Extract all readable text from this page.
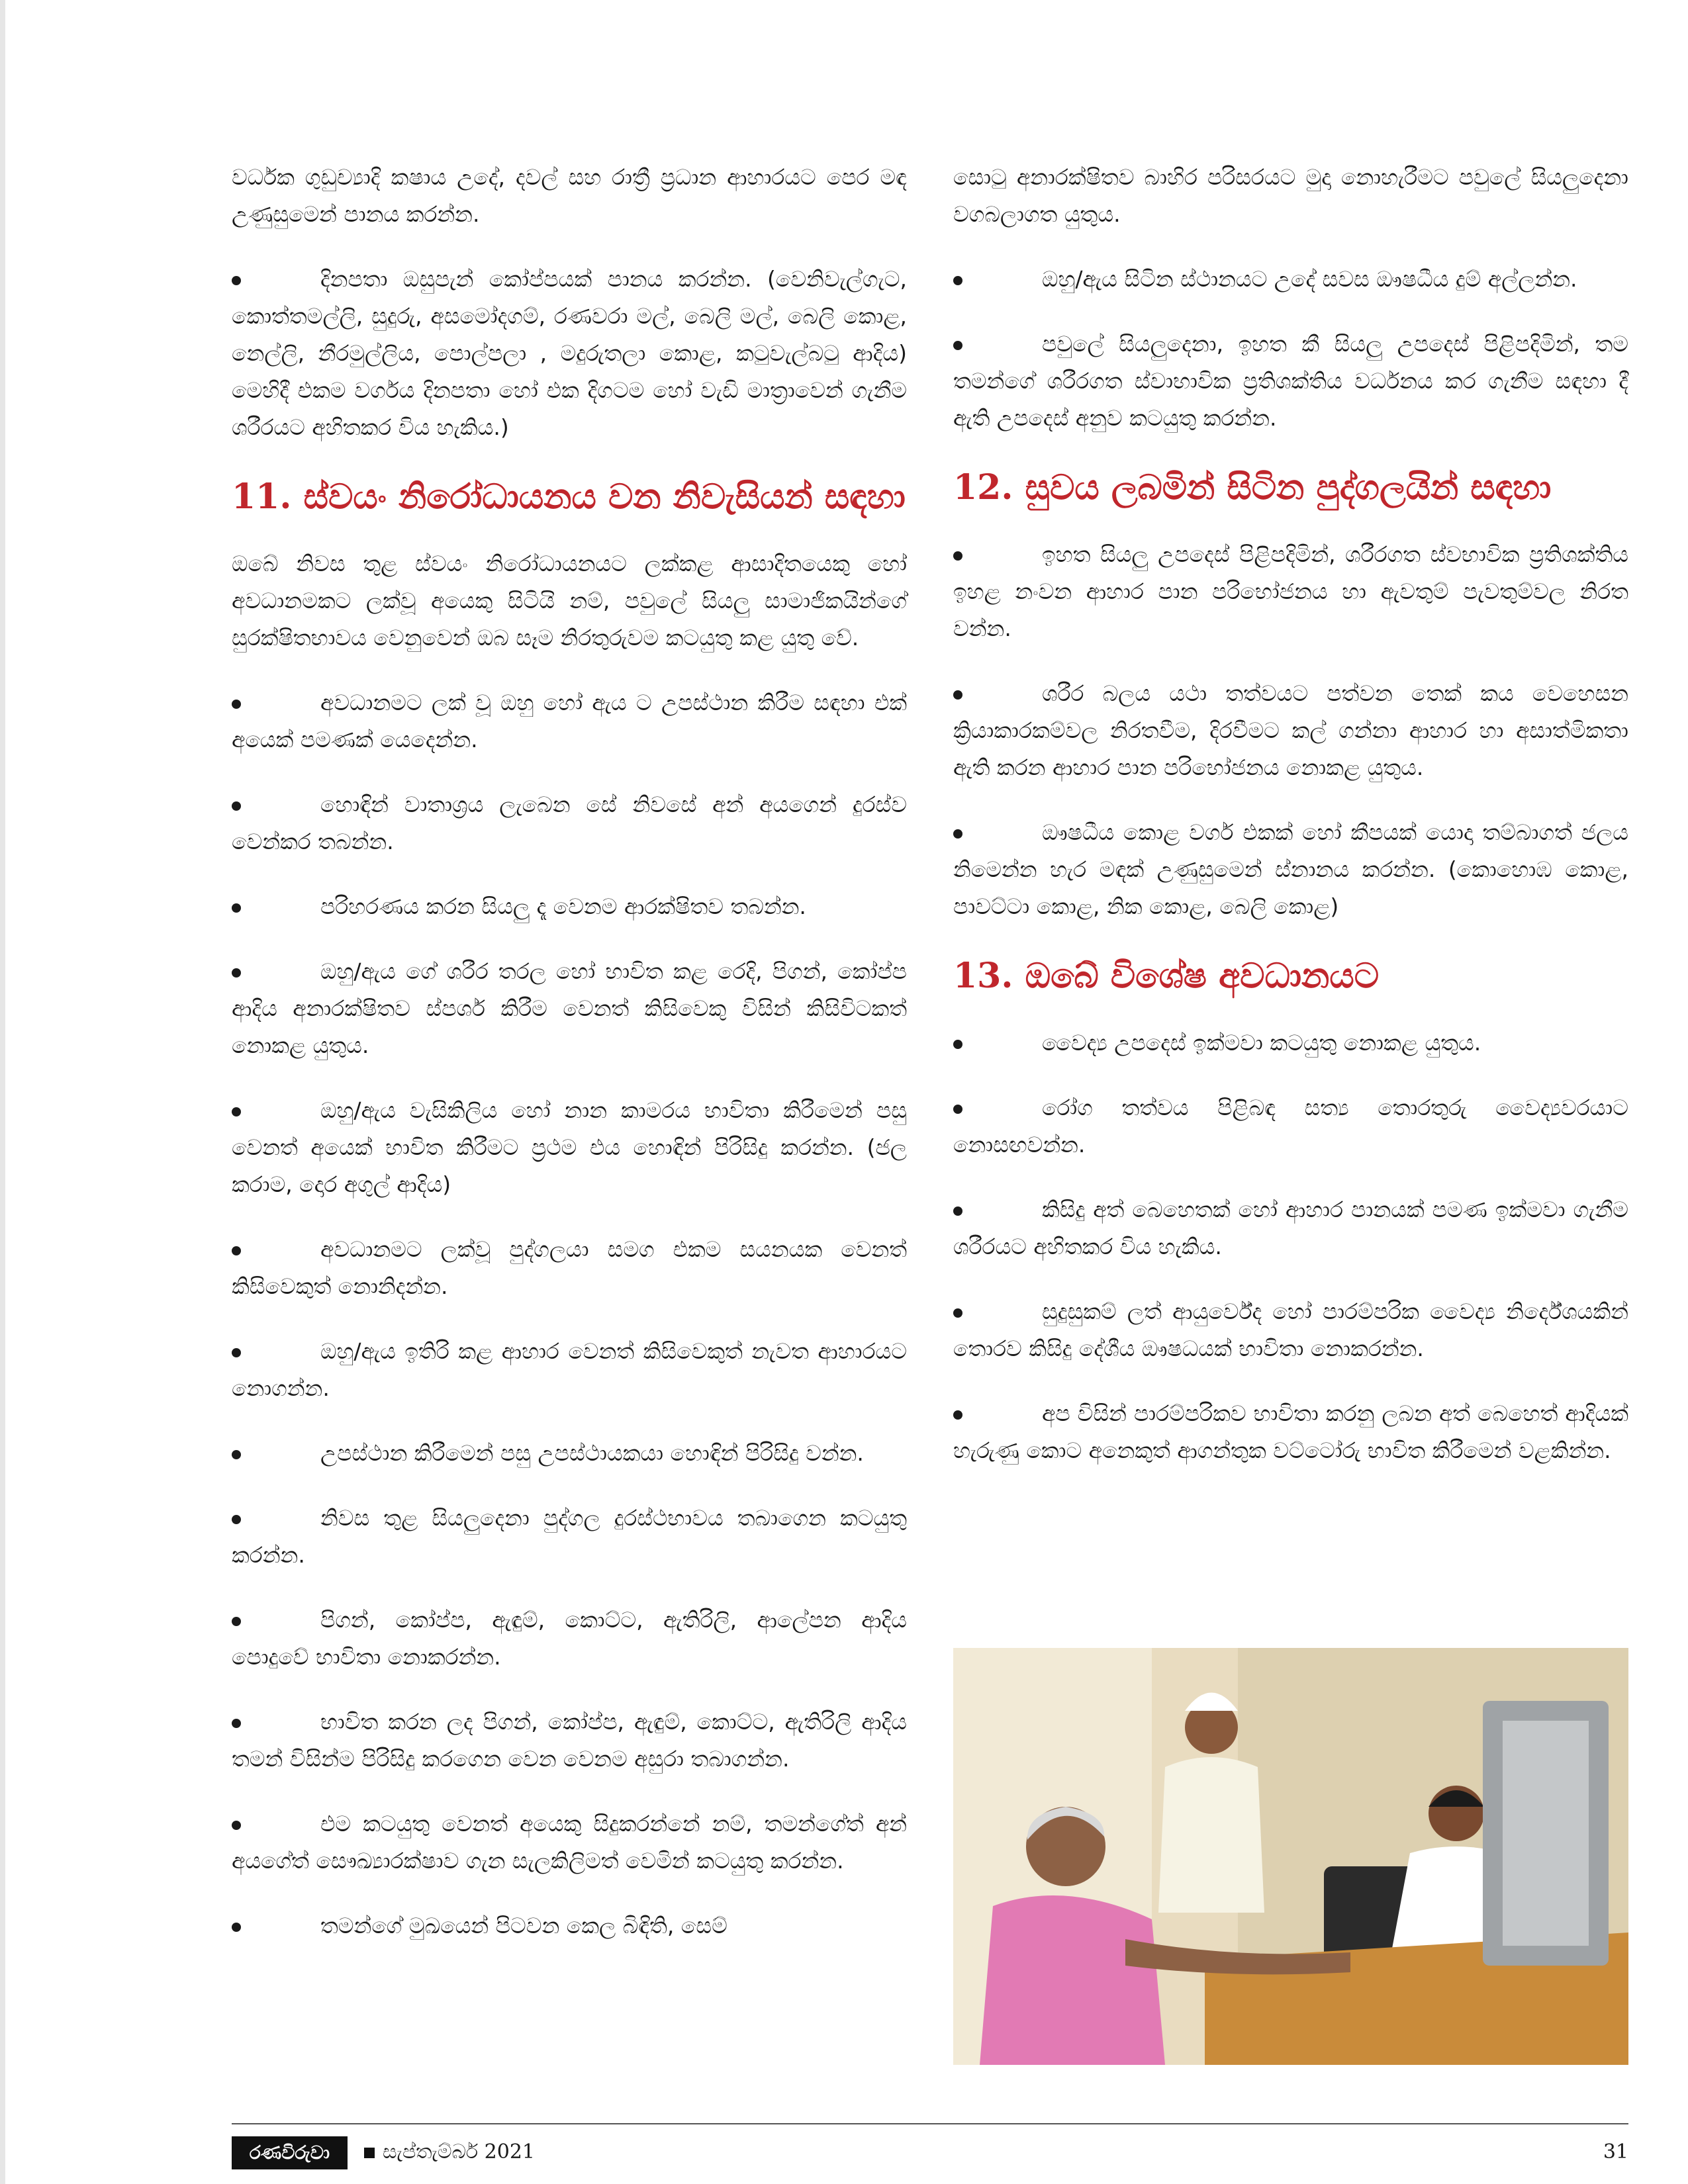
වර්ධක ගුඩුච්‍යාදි කෂාය උදේ, දවල් සහ රාත්‍රී ප්‍රධාන ආහාරයට පෙර මඳ උණුසුමෙන් පානය කරන්න.

දිනපතා ඔසුපැන් කෝප්පයක් පානය කරන්න. (වෙනිවැල්ගැට, කොත්තමල්ලි, සුදුරු, අසමෝදගම්, රණවරා මල්, බෙලි මල්, බෙලි කොළ, නෙල්ලි, නීරමුල්ලිය, පොල්පලා , මදුරුතලා කොළ, කටුවැල්බටු ආදිය) මෙහිදී එකම වර්ගය දිනපතා හෝ එක දිගටම හෝ වැඩි මාත්‍රාවෙන් ගැනීම ශරීරයට අහිතකර විය හැකිය.)

11. ස්වයං නිරෝධායනය වන නිවැසියන් සඳහා

ඔබේ නිවස තුළ ස්වයං නිරෝධායනයට ලක්කළ ආසාදිතයෙකු හෝ අවධානමකට ලක්වූ අයෙකු සිටියි නම්, පවුලේ සියලු සාමාජිකයින්ගේ සුරක්ෂිතභාවය වෙනුවෙන් ඔබ සෑම නිරතුරුවම කටයුතු කළ යුතු වේ.

අවධානමට ලක් වූ ඔහු හෝ ඇය ට උපස්ථාන කිරීම සඳහා එක් අයෙක් පමණක් යෙදෙන්න.

හොඳින් වාතාශ්‍රය ලැබෙන සේ නිවසේ අන් අයගෙන් දුරස්ව වෙන්කර තබන්න.

පරිහරණය කරන සියලු දෑ වෙනම ආරක්ෂිතව තබන්න.

ඔහු/ඇය ගේ ශරීර තරල හෝ භාවිත කළ රෙදි, පිගන්, කෝප්ප ආදිය අනාරක්ෂිතව ස්පර්ශ කිරීම වෙනත් කිසිවෙකු විසින් කිසිවිටකත් නොකළ යුතුය.

ඔහු/ඇය වැසිකිලිය හෝ නාන කාමරය භාවිතා කිරීමෙන් පසු වෙනත් අයෙක් භාවිත කිරීමට ප්‍රථම එය හොඳින් පිරිසිදු කරන්න. (ජල කරාම, දොර අගුල් ආදිය)

අවධානමට ලක්වූ පුද්ගලයා සමග එකම සයනයක වෙනත් කිසිවෙකුත් නොනිදන්න.

ඔහු/ඇය ඉතිරි කළ ආහාර වෙනත් කිසිවෙකුත් නැවත ආහාරයට නොගන්න.

උපස්ථාන කිරීමෙන් පසු උපස්ථායකයා හොඳින් පිරිසිදු වන්න.

නිවස තුළ සියලුදෙනා පුද්ගල දුරස්ථභාවය තබාගෙන කටයුතු කරන්න.

පිගන්, කෝප්ප, ඇඳුම්, කොට්ට, ඇතිරිලි, ආලේපන ආදිය පොදුවේ භාවිතා නොකරන්න.

භාවිත කරන ලද පිගන්, කෝප්ප, ඇඳුම්, කොට්ට, ඇතිරිලි ආදිය තමන් විසින්ම පිරිසිදු කරගෙන වෙන වෙනම අසුරා තබාගන්න.

එම කටයුතු වෙනත් අයෙකු සිදුකරන්නේ නම්, තමන්ගේත් අන් අයගේත් සෞඛ්‍යාරක්ෂාව ගැන සැලකිලිමත් වෙමින් කටයුතු කරන්න.

තමන්ගේ මුඛයෙන් පිටවන කෙල බිඳිති, සෙම්

සොටු අනාරක්ෂිතව බාහිර පරිසරයට මුදා නොහැරීමට පවුලේ සියලුදෙනා වගබලාගත යුතුය.

ඔහු/ඇය සිටින ස්ථානයට උදේ සවස ඖෂධීය දුම් අල්ලන්න.

පවුලේ සියලුදෙනා, ඉහත කී සියලු උපදෙස් පිළිපදිමින්, තම තමන්ගේ ශරීරගත ස්වාභාවික ප්‍රතිශක්තිය වර්ධනය කර ගැනීම සඳහා දී ඇති උපදෙස් අනුව කටයුතු කරන්න.

12. සුවය ලබමින් සිටින පුද්ගලයින් සඳහා

ඉහත සියලු උපදෙස් පිළිපදිමින්, ශරීරගත ස්වභාවික ප්‍රතිශක්තිය ඉහළ නංවන ආහාර පාන පරිභෝජනය හා ඇවතුම් පැවතුම්වල නිරත වන්න.

ශරීර බලය යථා තත්වයට පත්වන තෙක් කය වෙහෙසන ක්‍රියාකාරකම්වල නිරතවීම, දිරවීමට කල් ගන්නා ආහාර හා අසාත්මිකතා ඇති කරන ආහාර පාන පරිභෝජනය නොකළ යුතුය.

ඖෂධීය කොළ වර්ග එකක් හෝ කීපයක් යොදා තම්බාගත් ජලය නිමෙන්න හැර මඳක් උණුසුමෙන් ස්නානය කරන්න. (කොහොඹ කොළ, පාවට්ටා කොළ, නික කොළ, බෙලි කොළ)

13. ඔබේ විශේෂ අවධානයට

වෛද්‍ය උපදෙස් ඉක්මවා කටයුතු නොකළ යුතුය.

රෝග තත්වය පිළිබඳ සත්‍ය තොරතුරු වෛද්‍යවරයාට නොසඟවන්න.

කිසිදු අත් බෙහෙතක් හෝ ආහාර පානයක් පමණ ඉක්මවා ගැනීම ශරීරයට අහිතකර විය හැකිය.

සුදුසුකම් ලත් ආයුර්වේද හෝ පාරම්පරික වෛද්‍ය නිර්දේශයකින් තොරව කිසිදු දේශීය ඖෂධයක් භාවිතා නොකරන්න.

අප විසින් පාරම්පරිකව භාවිතා කරනු ලබන අත් බෙහෙත් ආදියක් හැරුණු කොට අනෙකුත් ආගන්තුක වට්ටෝරු භාවිත කිරීමෙන් වළකින්න.

රණවිරුවා	සැප්තැම්බර් 2021	31
